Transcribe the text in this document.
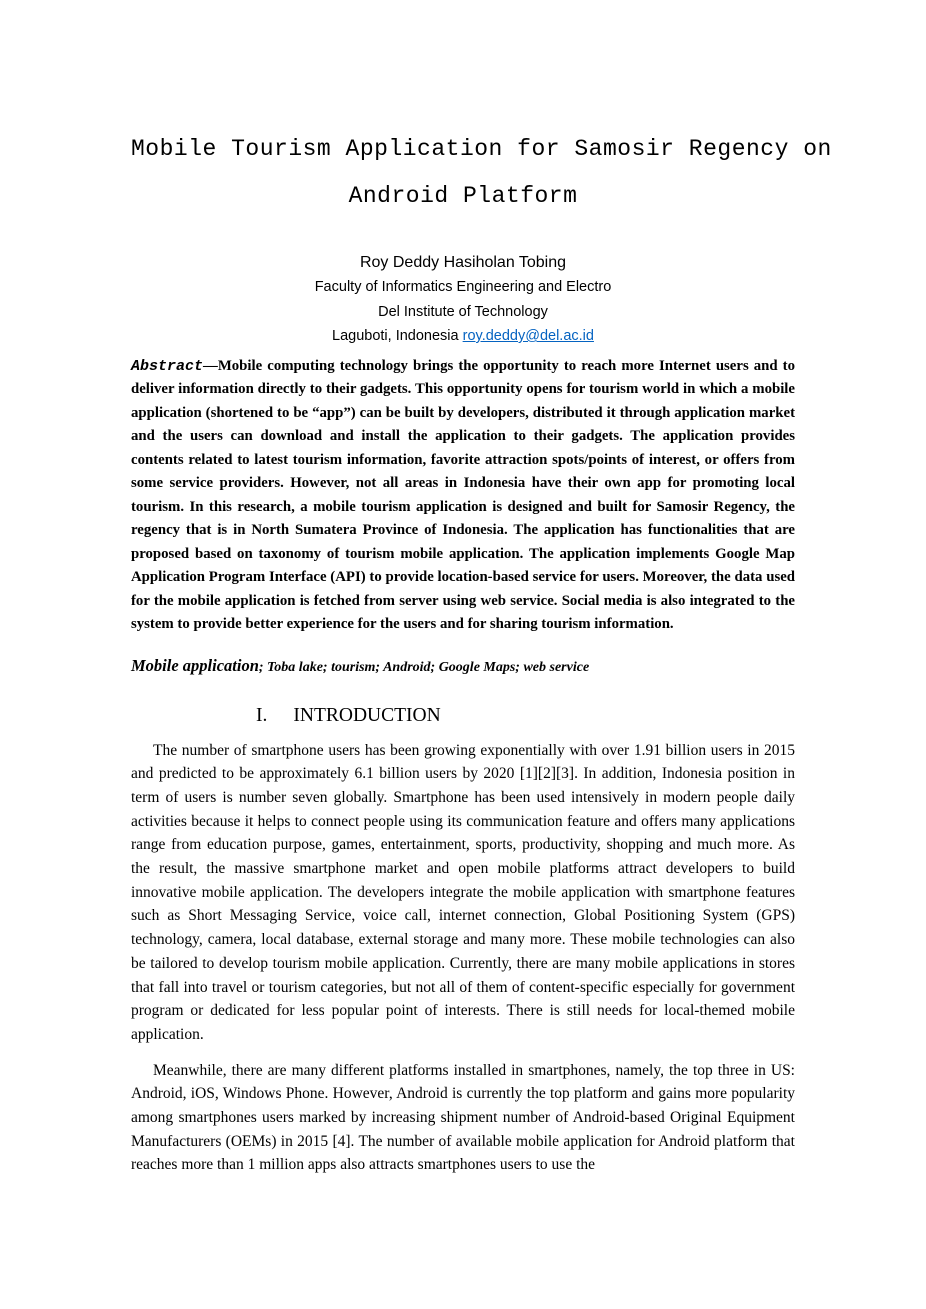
Mobile Tourism Application for Samosir Regency on
Android Platform
Roy Deddy Hasiholan Tobing
Faculty of Informatics Engineering and Electro
Del Institute of Technology
Laguboti, Indonesia roy.deddy@del.ac.id

Abstract—Mobile computing technology brings the opportunity to reach more Internet users and to deliver information directly to their gadgets. This opportunity opens for tourism world in which a mobile application (shortened to be “app”) can be built by developers, distributed it through application market and the users can download and install the application to their gadgets. The application provides contents related to latest tourism information, favorite attraction spots/points of interest, or offers from some service providers. However, not all areas in Indonesia have their own app for promoting local tourism. In this research, a mobile tourism application is designed and built for Samosir Regency, the regency that is in North Sumatera Province of Indonesia. The application has functionalities that are proposed based on taxonomy of tourism mobile application. The application implements Google Map Application Program Interface (API) to provide location-based service for users. Moreover, the data used for the mobile application is fetched from server using web service. Social media is also integrated to the system to provide better experience for the users and for sharing tourism information.

Mobile application; Toba lake; tourism; Android; Google Maps; web service

I. INTRODUCTION

The number of smartphone users has been growing exponentially with over 1.91 billion users in 2015 and predicted to be approximately 6.1 billion users by 2020 [1][2][3]. In addition, Indonesia position in term of users is number seven globally. Smartphone has been used intensively in modern people daily activities because it helps to connect people using its communication feature and offers many applications range from education purpose, games, entertainment, sports, productivity, shopping and much more. As the result, the massive smartphone market and open mobile platforms attract developers to build innovative mobile application. The developers integrate the mobile application with smartphone features such as Short Messaging Service, voice call, internet connection, Global Positioning System (GPS) technology, camera, local database, external storage and many more. These mobile technologies can also be tailored to develop tourism mobile application. Currently, there are many mobile applications in stores that fall into travel or tourism categories, but not all of them of content-specific especially for government program or dedicated for less popular point of interests. There is still needs for local-themed mobile application.

Meanwhile, there are many different platforms installed in smartphones, namely, the top three in US: Android, iOS, Windows Phone. However, Android is currently the top platform and gains more popularity among smartphones users marked by increasing shipment number of Android-based Original Equipment Manufacturers (OEMs) in 2015 [4]. The number of available mobile application for Android platform that reaches more than 1 million apps also attracts smartphones users to use the
